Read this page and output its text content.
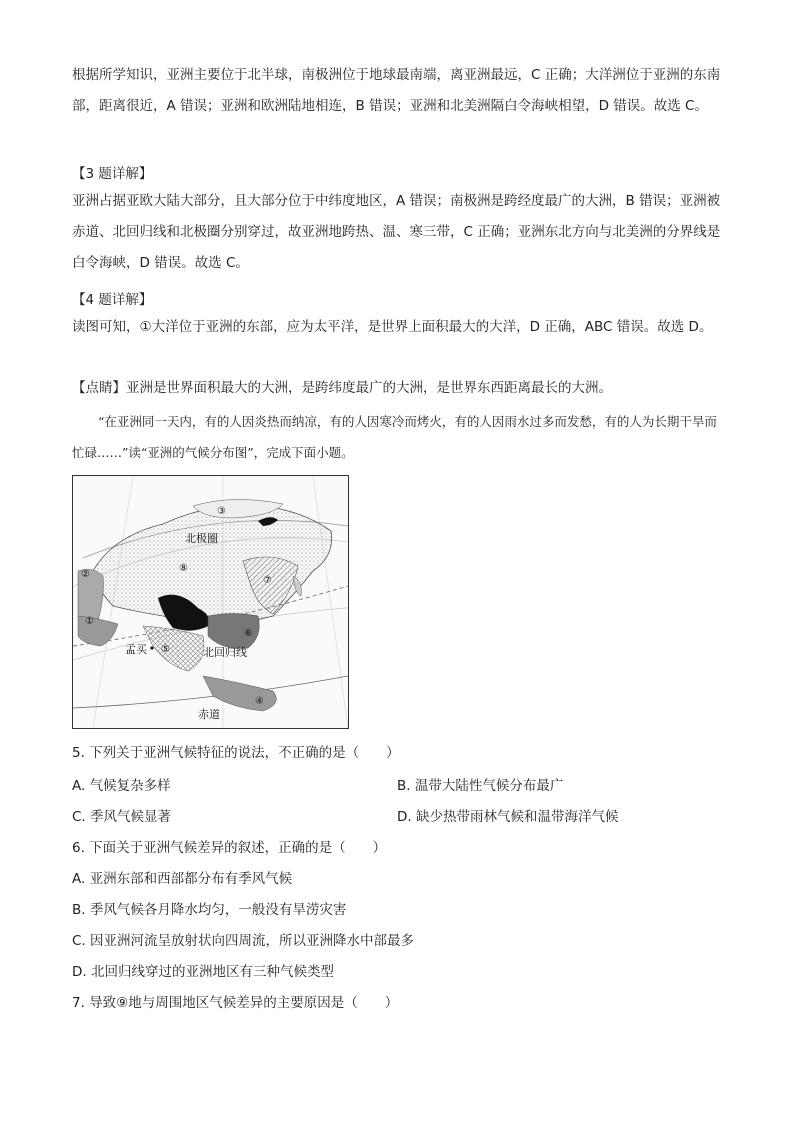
根据所学知识，亚洲主要位于北半球，南极洲位于地球最南端，离亚洲最远，C 正确；大洋洲位于亚洲的东南部，距离很近，A 错误；亚洲和欧洲陆地相连，B 错误；亚洲和北美洲隔白令海峡相望，D 错误。故选 C。

【3 题详解】

亚洲占据亚欧大陆大部分，且大部分位于中纬度地区，A 错误；南极洲是跨经度最广的大洲，B 错误；亚洲被赤道、北回归线和北极圈分别穿过，故亚洲地跨热、温、寒三带，C 正确；亚洲东北方向与北美洲的分界线是白令海峡，D 错误。故选 C。

【4 题详解】

读图可知，①大洋位于亚洲的东部，应为太平洋，是世界上面积最大的大洋，D 正确，ABC 错误。故选 D。

【点睛】亚洲是世界面积最大的大洲，是跨纬度最广的大洲，是世界东西距离最长的大洲。

“在亚洲同一天内，有的人因炎热而纳凉，有的人因寒冷而烤火，有的人因雨水过多而发愁，有的人为长期干旱而忙碌……”读“亚洲的气候分布图”，完成下面小题。

③
②
①
⑧
⑦
⑨
⑥
⑤
④
北极圈
北回归线
孟买
赤道

5. 下列关于亚洲气候特征的说法，不正确的是（　　）

A. 气候复杂多样	B. 温带大陆性气候分布最广

C. 季风气候显著	D. 缺少热带雨林气候和温带海洋气候

6. 下面关于亚洲气候差异的叙述，正确的是（　　）

A. 亚洲东部和西部都分布有季风气候

B. 季风气候各月降水均匀，一般没有旱涝灾害

C. 因亚洲河流呈放射状向四周流，所以亚洲降水中部最多

D. 北回归线穿过的亚洲地区有三种气候类型

7. 导致⑨地与周围地区气候差异的主要原因是（　　）
